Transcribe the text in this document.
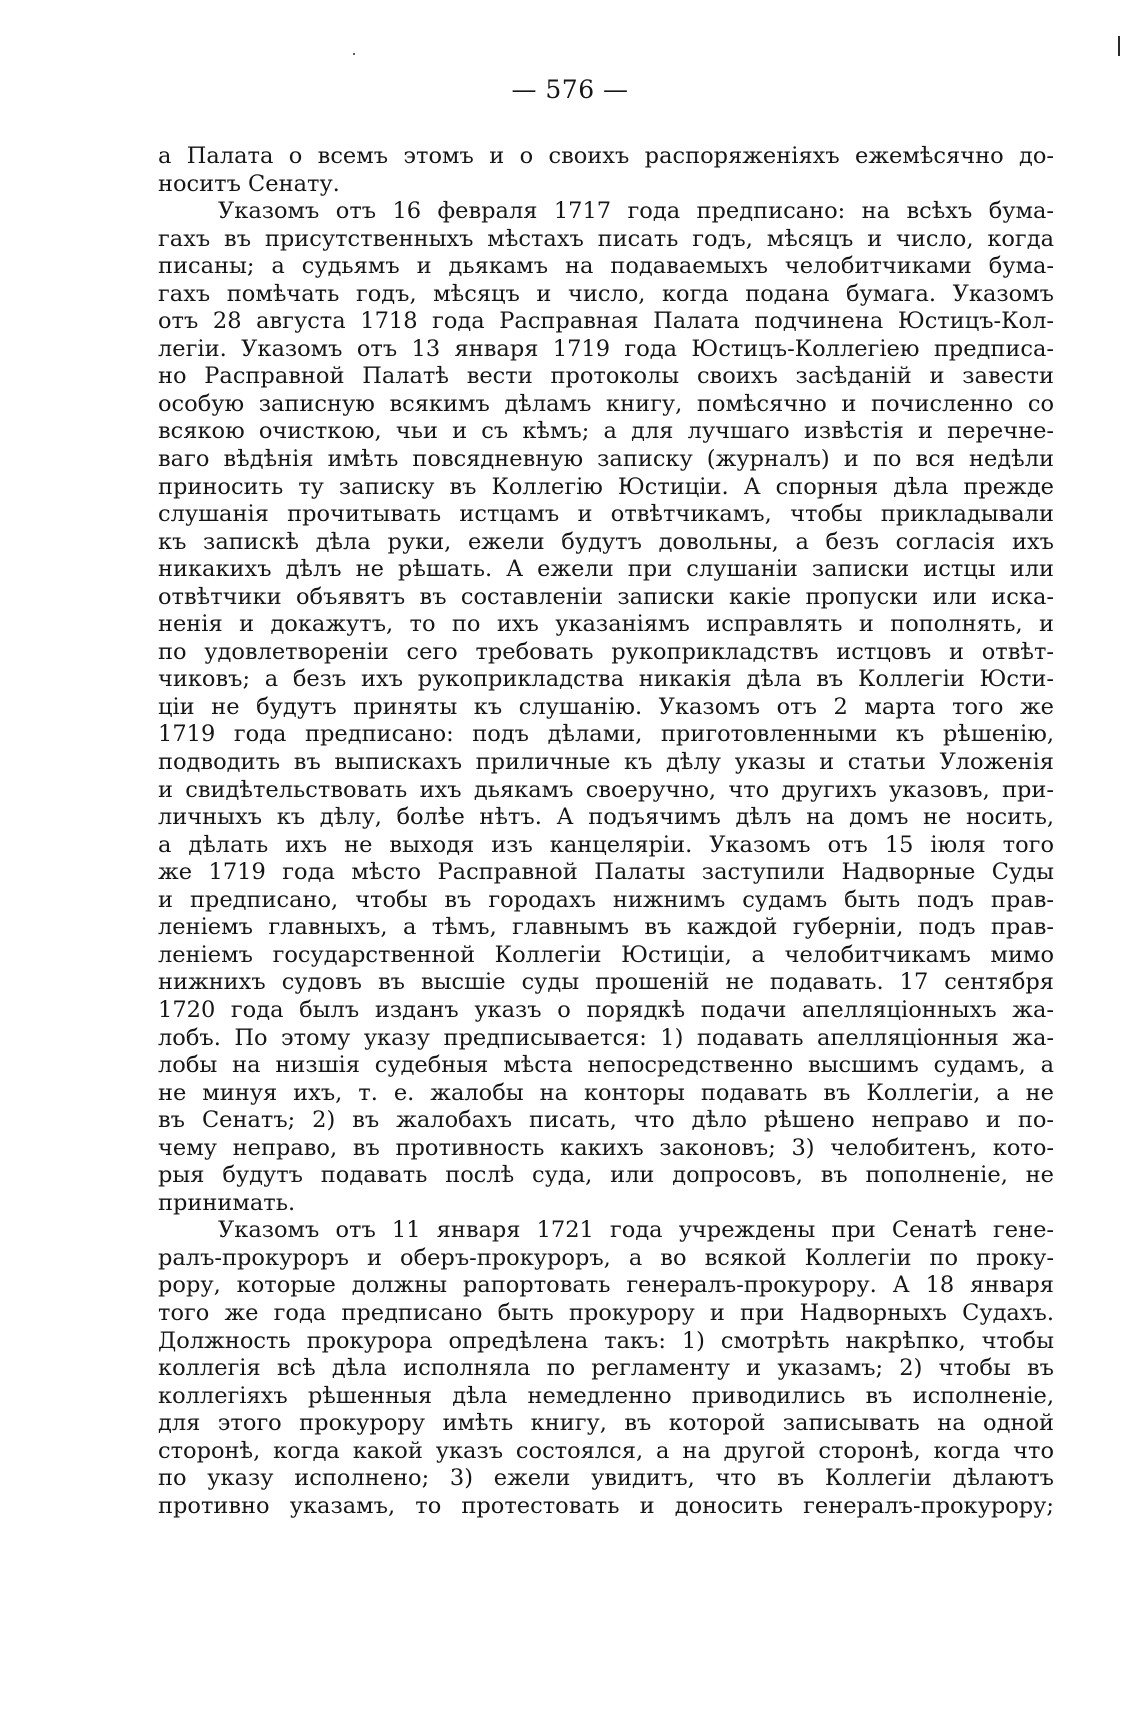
— 576 —
а Палата о всемъ этомъ и о своихъ распоряженіяхъ ежемѣсячно до-
носитъ Сенату.
Указомъ отъ 16 февраля 1717 года предписано: на всѣхъ бума-
гахъ въ присутственныхъ мѣстахъ писать годъ, мѣсяцъ и число, когда
писаны; а судьямъ и дьякамъ на подаваемыхъ челобитчиками бума-
гахъ помѣчать годъ, мѣсяцъ и число, когда подана бумага. Указомъ
отъ 28 августа 1718 года Расправная Палата подчинена Юстицъ-Кол-
легіи. Указомъ отъ 13 января 1719 года Юстицъ-Коллегіею предписа-
но Расправной Палатѣ вести протоколы своихъ засѣданій и завести
особую записную всякимъ дѣламъ книгу, помѣсячно и почисленно со
всякою очисткою, чьи и съ кѣмъ; а для лучшаго извѣстія и перечне-
ваго вѣдѣнія имѣть повсядневную записку (журналъ) и по вся недѣли
приносить ту записку въ Коллегію Юстиціи. А спорныя дѣла прежде
слушанія прочитывать истцамъ и отвѣтчикамъ, чтобы прикладывали
къ запискѣ дѣла руки, ежели будутъ довольны, а безъ согласія ихъ
никакихъ дѣлъ не рѣшать. А ежели при слушаніи записки истцы или
отвѣтчики объявятъ въ составленіи записки какіе пропуски или искa-
ненія и докажутъ, то по ихъ указаніямъ исправлять и пополнять, и
по удовлетвореніи сего требовать рукоприкладствъ истцовъ и отвѣт-
чиковъ; а безъ ихъ рукоприкладства никакія дѣла въ Коллегіи Юсти-
ціи не будутъ приняты къ слушанію. Указомъ отъ 2 марта того же
1719 года предписано: подъ дѣлами, приготовленными къ рѣшенію,
подводить въ выпискахъ приличные къ дѣлу указы и статьи Уложенія
и свидѣтельствовать ихъ дьякамъ своеручно, что другихъ указовъ, при-
личныхъ къ дѣлу, болѣе нѣтъ. А подъячимъ дѣлъ на домъ не носить,
а дѣлать ихъ не выходя изъ канцеляріи. Указомъ отъ 15 іюля того
же 1719 года мѣсто Расправной Палаты заступили Надворные Суды
и предписано, чтобы въ городахъ нижнимъ судамъ быть подъ прав-
леніемъ главныхъ, а тѣмъ, главнымъ въ каждой губерніи, подъ прав-
леніемъ государственной Коллегіи Юстиціи, а челобитчикамъ мимо
нижнихъ судовъ въ высшіе суды прошеній не подавать. 17 сентября
1720 года былъ изданъ указъ о порядкѣ подачи апелляціонныхъ жа-
лобъ. По этому указу предписывается: 1) подавать апелляціонныя жа-
лобы на низшія судебныя мѣста непосредственно высшимъ судамъ, а
не минуя ихъ, т. е. жалобы на конторы подавать въ Коллегіи, а не
въ Сенатъ; 2) въ жалобахъ писать, что дѣло рѣшено неправо и по-
чему неправо, въ противность какихъ законовъ; 3) челобитенъ, кото-
рыя будутъ подавать послѣ суда, или допросовъ, въ пополненіе, не
принимать.
Указомъ отъ 11 января 1721 года учреждены при Сенатѣ гене-
ралъ-прокуроръ и оберъ-прокуроръ, а во всякой Коллегіи по проку-
рору, которые должны рапортовать генералъ-прокурору. А 18 января
того же года предписано быть прокурору и при Надворныхъ Судахъ.
Должность прокурора опредѣлена такъ: 1) смотрѣть накрѣпко, чтобы
коллегія всѣ дѣла исполняла по регламенту и указамъ; 2) чтобы въ
коллегіяхъ рѣшенныя дѣла немедленно приводились въ исполненіе,
для этого прокурору имѣть книгу, въ которой записывать на одной
сторонѣ, когда какой указъ состоялся, а на другой сторонѣ, когда что
по указу исполнено; 3) ежели увидитъ, что въ Коллегіи дѣлаютъ
противно указамъ, то протестовать и доносить генералъ-прокурору;
